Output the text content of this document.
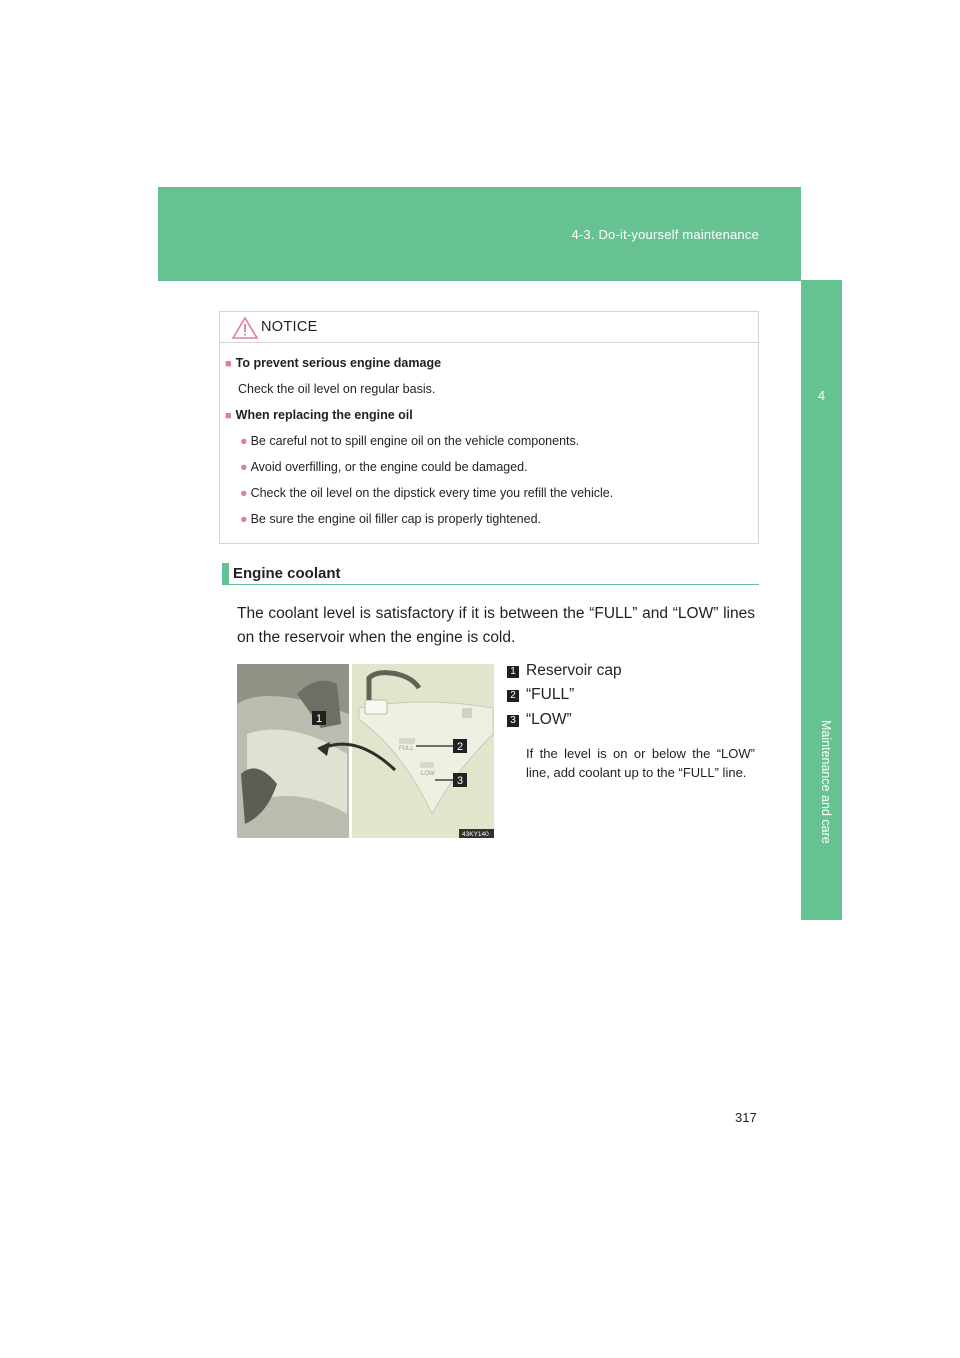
4-3. Do-it-yourself maintenance
4
Maintenance and care
NOTICE
■ To prevent serious engine damage
Check the oil level on regular basis.
■ When replacing the engine oil
● Be careful not to spill engine oil on the vehicle components.
● Avoid overfilling, or the engine could be damaged.
● Check the oil level on the dipstick every time you refill the vehicle.
● Be sure the engine oil filler cap is properly tightened.
Engine coolant
The coolant level is satisfactory if it is between the “FULL” and “LOW” lines on the reservoir when the engine is cold.
FULL
LOW
1
2
3
43KY140
1 Reservoir cap
2 “FULL”
3 “LOW”
If the level is on or below the “LOW” line, add coolant up to the “FULL” line.
317
